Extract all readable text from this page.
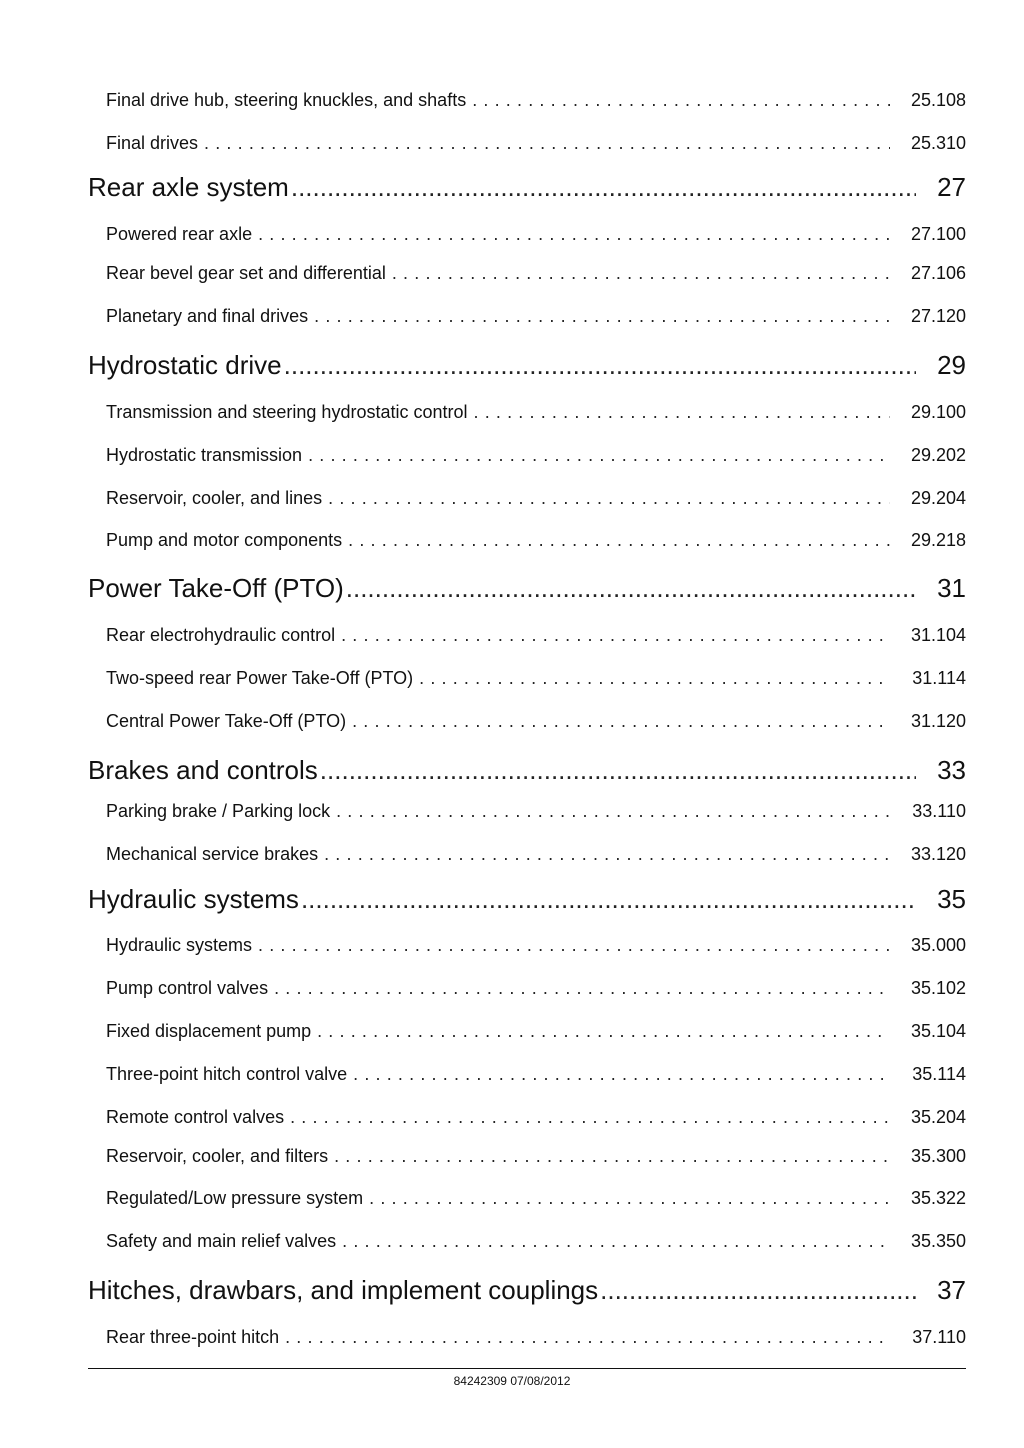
Final drive hub, steering knuckles, and shafts . . .	25.108
Final drives . . .	25.310
Rear axle system .....	27
Powered rear axle . . .	27.100
Rear bevel gear set and differential . . .	27.106
Planetary and final drives . . .	27.120
Hydrostatic drive .....	29
Transmission and steering hydrostatic control . . .	29.100
Hydrostatic transmission . . .	29.202
Reservoir, cooler, and lines . . .	29.204
Pump and motor components . . .	29.218
Power Take-Off (PTO) .....	31
Rear electrohydraulic control . . .	31.104
Two-speed rear Power Take-Off (PTO) . . .	31.114
Central Power Take-Off (PTO) . . .	31.120
Brakes and controls .....	33
Parking brake / Parking lock . . .	33.110
Mechanical service brakes . . .	33.120
Hydraulic systems .....	35
Hydraulic systems . . .	35.000
Pump control valves . . .	35.102
Fixed displacement pump . . .	35.104
Three-point hitch control valve . . .	35.114
Remote control valves . . .	35.204
Reservoir, cooler, and filters . . .	35.300
Regulated/Low pressure system . . .	35.322
Safety and main relief valves . . .	35.350
Hitches, drawbars, and implement couplings .....	37
Rear three-point hitch . . .	37.110
84242309 07/08/2012
